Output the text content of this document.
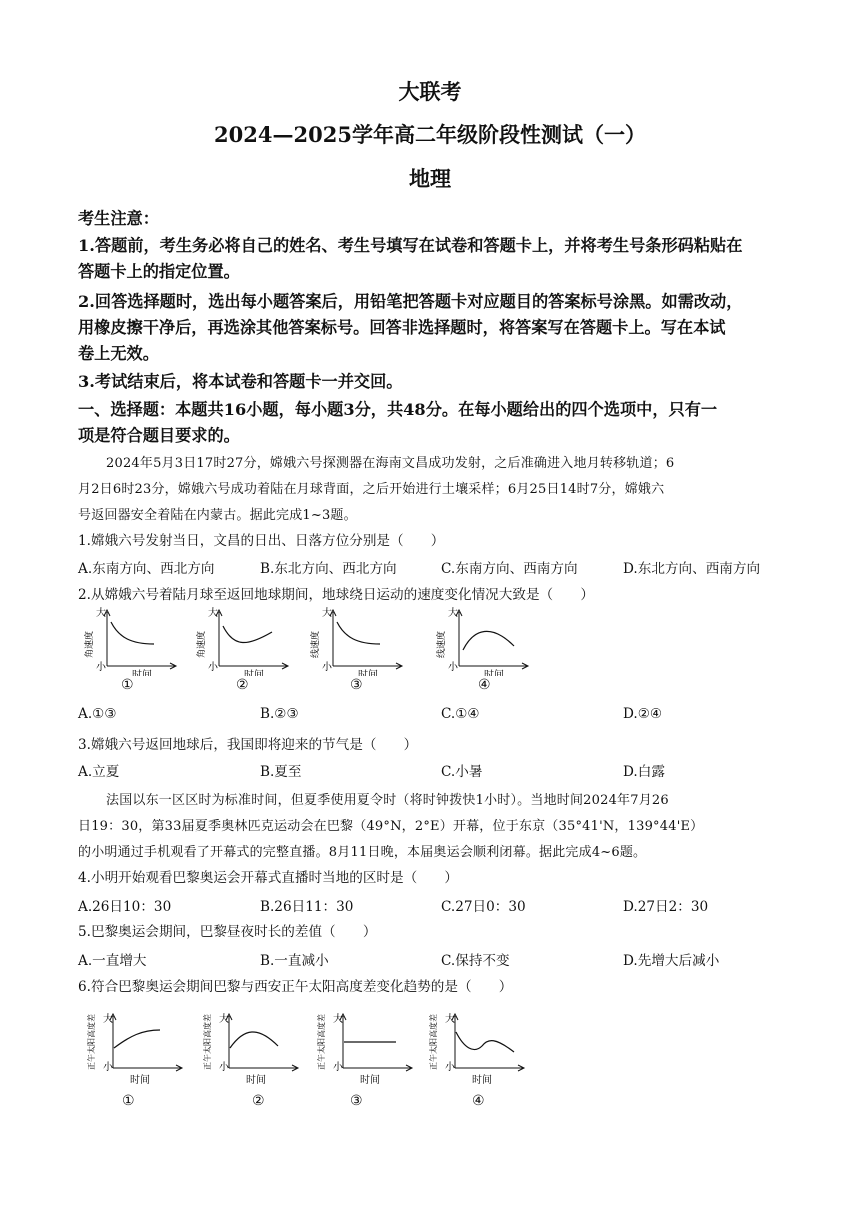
大联考
2024—2025学年高二年级阶段性测试（一）
地理
考生注意：
1.答题前，考生务必将自己的姓名、考生号填写在试卷和答题卡上，并将考生号条形码粘贴在
答题卡上的指定位置。
2.回答选择题时，选出每小题答案后，用铅笔把答题卡对应题目的答案标号涂黑。如需改动，
用橡皮擦干净后，再选涂其他答案标号。回答非选择题时，将答案写在答题卡上。写在本试
卷上无效。
3.考试结束后，将本试卷和答题卡一并交回。
一、选择题：本题共16小题，每小题3分，共48分。在每小题给出的四个选项中，只有一
项是符合题目要求的。
2024年5月3日17时27分，嫦娥六号探测器在海南文昌成功发射，之后准确进入地月转移轨道；6
月2日6时23分，嫦娥六号成功着陆在月球背面，之后开始进行土壤采样；6月25日14时7分，嫦娥六
号返回器安全着陆在内蒙古。据此完成1~3题。
1.嫦娥六号发射当日，文昌的日出、日落方位分别是（　　）
A.东南方向、西北方向	B.东北方向、西北方向	C.东南方向、西南方向	D.东北方向、西南方向
2.从嫦娥六号着陆月球至返回地球期间，地球绕日运动的速度变化情况大致是（　　）
大
小
角速度
时间
①
大
小
角速度
时间
②
大
小
线速度
时间
③
大
小
线速度
时间
④
A.①③	B.②③	C.①④	D.②④
3.嫦娥六号返回地球后，我国即将迎来的节气是（　　）
A.立夏	B.夏至	C.小暑	D.白露
法国以东一区区时为标准时间，但夏季使用夏令时（将时钟拨快1小时）。当地时间2024年7月26
日19：30，第33届夏季奥林匹克运动会在巴黎（49°N，2°E）开幕，位于东京（35°41'N，139°44'E）
的小明通过手机观看了开幕式的完整直播。8月11日晚，本届奥运会顺利闭幕。据此完成4~6题。
4.小明开始观看巴黎奥运会开幕式直播时当地的区时是（　　）
A.26日10：30	B.26日11：30	C.27日0：30	D.27日2：30
5.巴黎奥运会期间，巴黎昼夜时长的差值（　　）
A.一直增大	B.一直减小	C.保持不变	D.先增大后减小
6.符合巴黎奥运会期间巴黎与西安正午太阳高度差变化趋势的是（　　）
大
小
正午太阳高度差
时间
①
大
小
正午太阳高度差
时间
②
大
小
正午太阳高度差
时间
③
大
小
正午太阳高度差
时间
④
